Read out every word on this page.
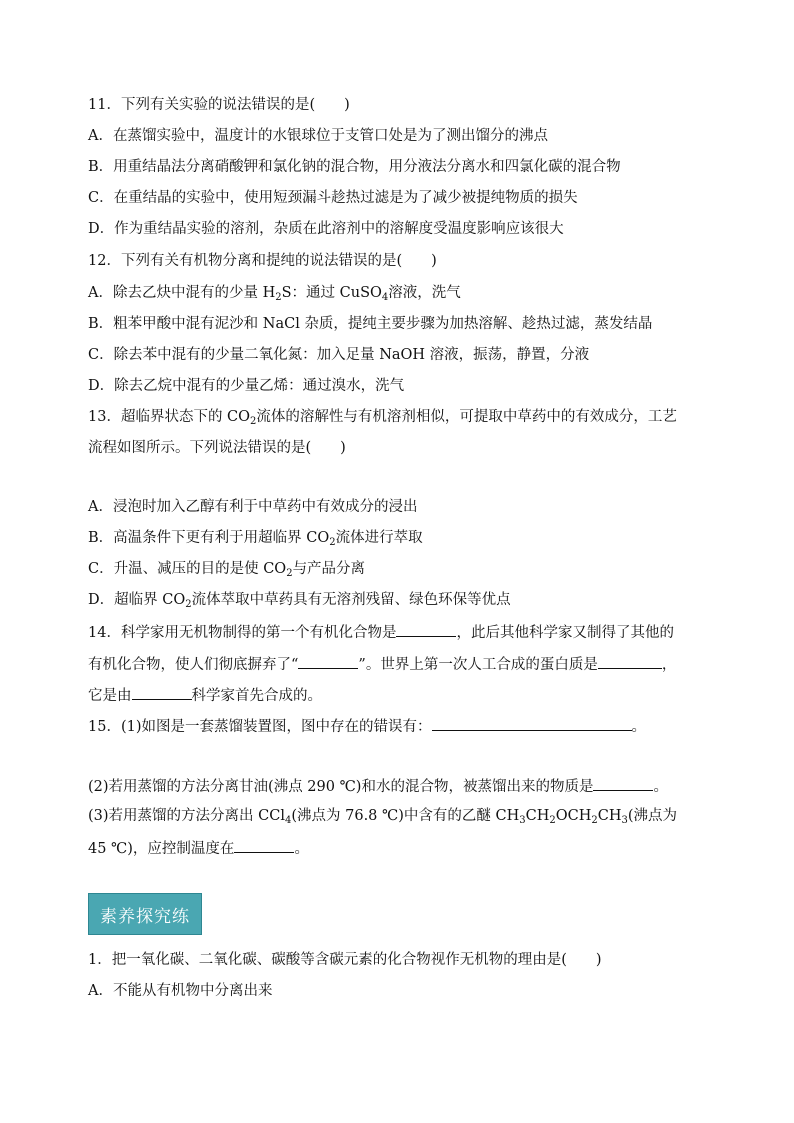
11．下列有关实验的说法错误的是(　　)
A．在蒸馏实验中，温度计的水银球位于支管口处是为了测出馏分的沸点
B．用重结晶法分离硝酸钾和氯化钠的混合物，用分液法分离水和四氯化碳的混合物
C．在重结晶的实验中，使用短颈漏斗趁热过滤是为了减少被提纯物质的损失
D．作为重结晶实验的溶剂，杂质在此溶剂中的溶解度受温度影响应该很大
12．下列有关有机物分离和提纯的说法错误的是(　　)
A．除去乙炔中混有的少量 $H_2S$：通过 CuSO$_4$溶液，洗气
B．粗苯甲酸中混有泥沙和 NaCl 杂质，提纯主要步骤为加热溶解、趁热过滤，蒸发结晶
C．除去苯中混有的少量二氧化氮：加入足量 NaOH 溶液，振荡，静置，分液
D．除去乙烷中混有的少量乙烯：通过溴水，洗气
13．超临界状态下的 $CO_2$流体的溶解性与有机溶剂相似，可提取中草药中的有效成分，工艺
流程如图所示。下列说法错误的是(　　)
A．浸泡时加入乙醇有利于中草药中有效成分的浸出
B．高温条件下更有利于用超临界 $CO_2$流体进行萃取
C．升温、减压的目的是使 $CO_2$与产品分离
D．超临界 $CO_2$流体萃取中草药具有无溶剂残留、绿色环保等优点
14．科学家用无机物制得的第一个有机化合物是	，此后其他科学家又制得了其他的
有机化合物，使人们彻底摒弃了“	”。世界上第一次人工合成的蛋白质是	，
它是由	科学家首先合成的。
15．(1)如图是一套蒸馏装置图，图中存在的错误有：	。
(2)若用蒸馏的方法分离甘油(沸点 290 ℃)和水的混合物，被蒸馏出来的物质是	。
(3)若用蒸馏的方法分离出 CCl$_4$(沸点为 76.8 ℃)中含有的乙醚 $CH_3CH_2OCH_2CH_3$(沸点为
45 ℃)，应控制温度在	。
素养探究练
1．把一氧化碳、二氧化碳、碳酸等含碳元素的化合物视作无机物的理由是(　　)
A．不能从有机物中分离出来
